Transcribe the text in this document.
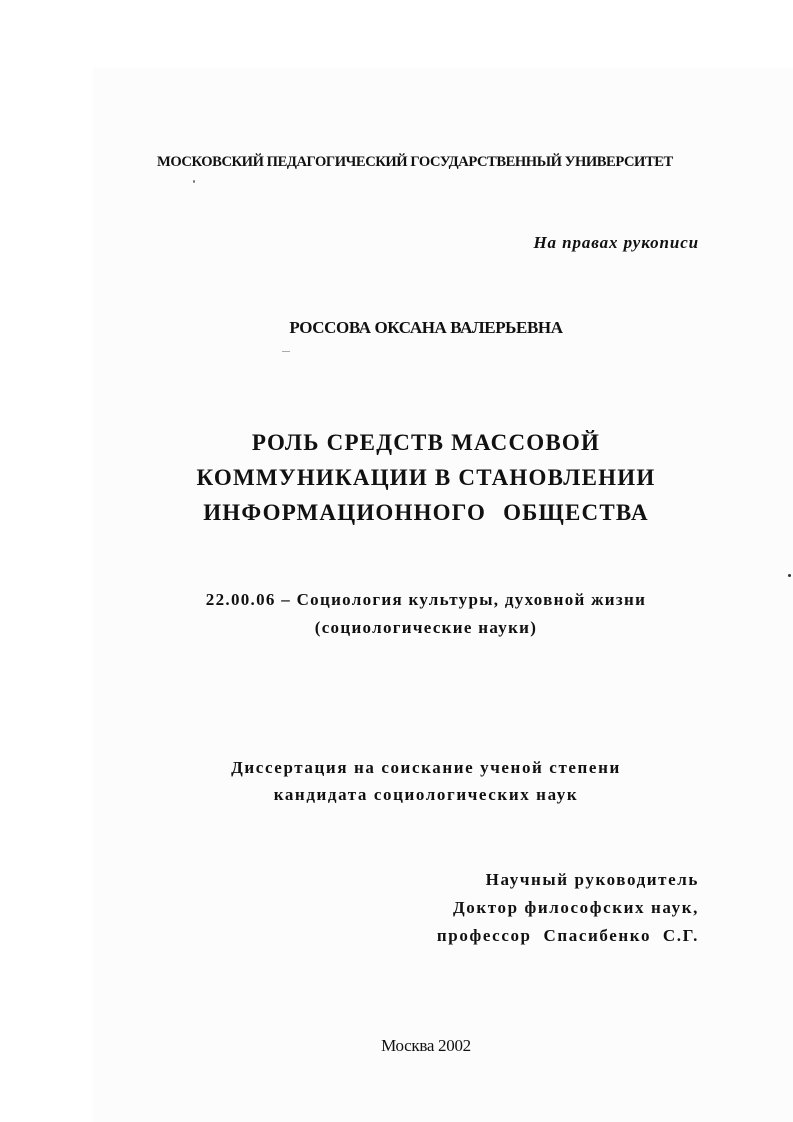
МОСКОВСКИЙ ПЕДАГОГИЧЕСКИЙ ГОСУДАРСТВЕННЫЙ УНИВЕРСИТЕТ

На правах рукописи

РОССОВА ОКСАНА ВАЛЕРЬЕВНА

РОЛЬ СРЕДСТВ МАССОВОЙ

КОММУНИКАЦИИ В СТАНОВЛЕНИИ

ИНФОРМАЦИОННОГО ОБЩЕСТВА

22.00.06 – Социология культуры, духовной жизни

(социологические науки)

Диссертация на соискание ученой степени

кандидата социологических наук

Научный руководитель

Доктор философских наук,

профессор Спасибенко С.Г.

Москва 2002
